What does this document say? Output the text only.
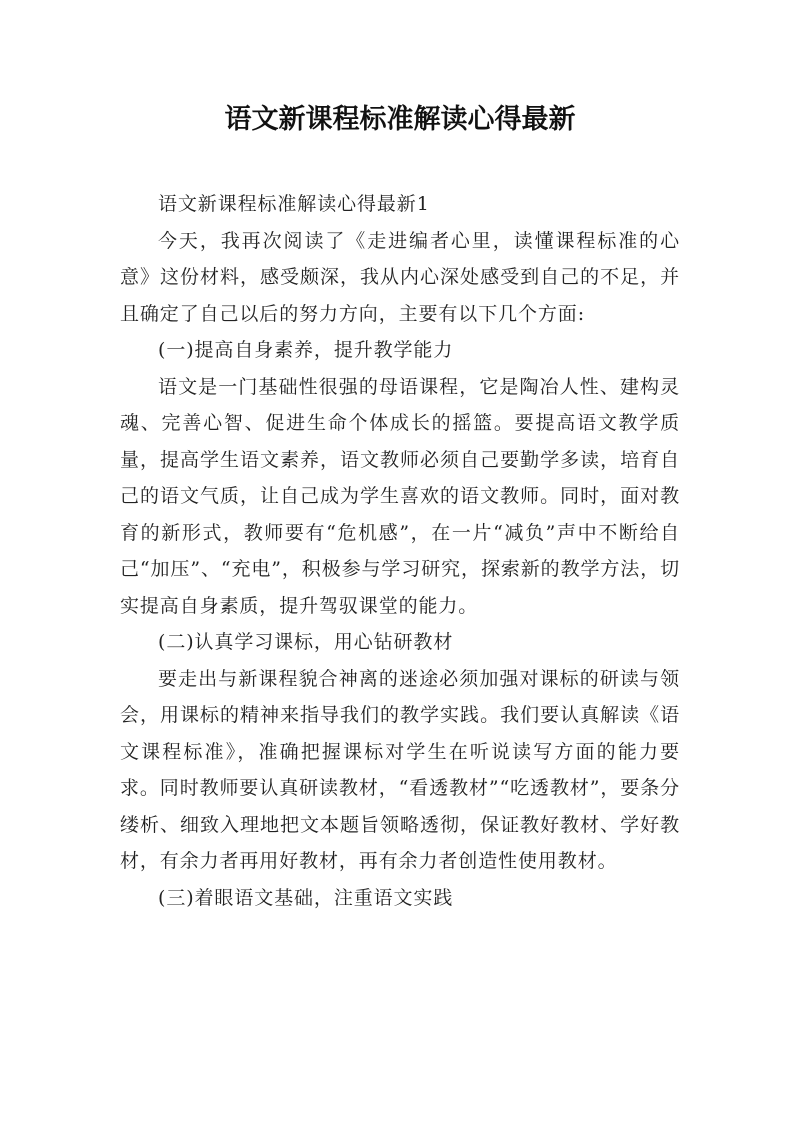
语文新课程标准解读心得最新

语文新课程标准解读心得最新1

今天，我再次阅读了《走进编者心里，读懂课程标准的心意》这份材料，感受颇深，我从内心深处感受到自己的不足，并且确定了自己以后的努力方向，主要有以下几个方面:

(一)提高自身素养，提升教学能力

语文是一门基础性很强的母语课程，它是陶冶人性、建构灵魂、完善心智、促进生命个体成长的摇篮。要提高语文教学质量，提高学生语文素养，语文教师必须自己要勤学多读，培育自己的语文气质，让自己成为学生喜欢的语文教师。同时，面对教育的新形式，教师要有“危机感”，在一片“减负”声中不断给自己“加压”、“充电”，积极参与学习研究，探索新的教学方法，切实提高自身素质，提升驾驭课堂的能力。

(二)认真学习课标，用心钻研教材

要走出与新课程貌合神离的迷途必须加强对课标的研读与领会，用课标的精神来指导我们的教学实践。我们要认真解读《语文课程标准》，准确把握课标对学生在听说读写方面的能力要求。同时教师要认真研读教材，“看透教材”“吃透教材”，要条分缕析、细致入理地把文本题旨领略透彻，保证教好教材、学好教材，有余力者再用好教材，再有余力者创造性使用教材。

(三)着眼语文基础，注重语文实践
